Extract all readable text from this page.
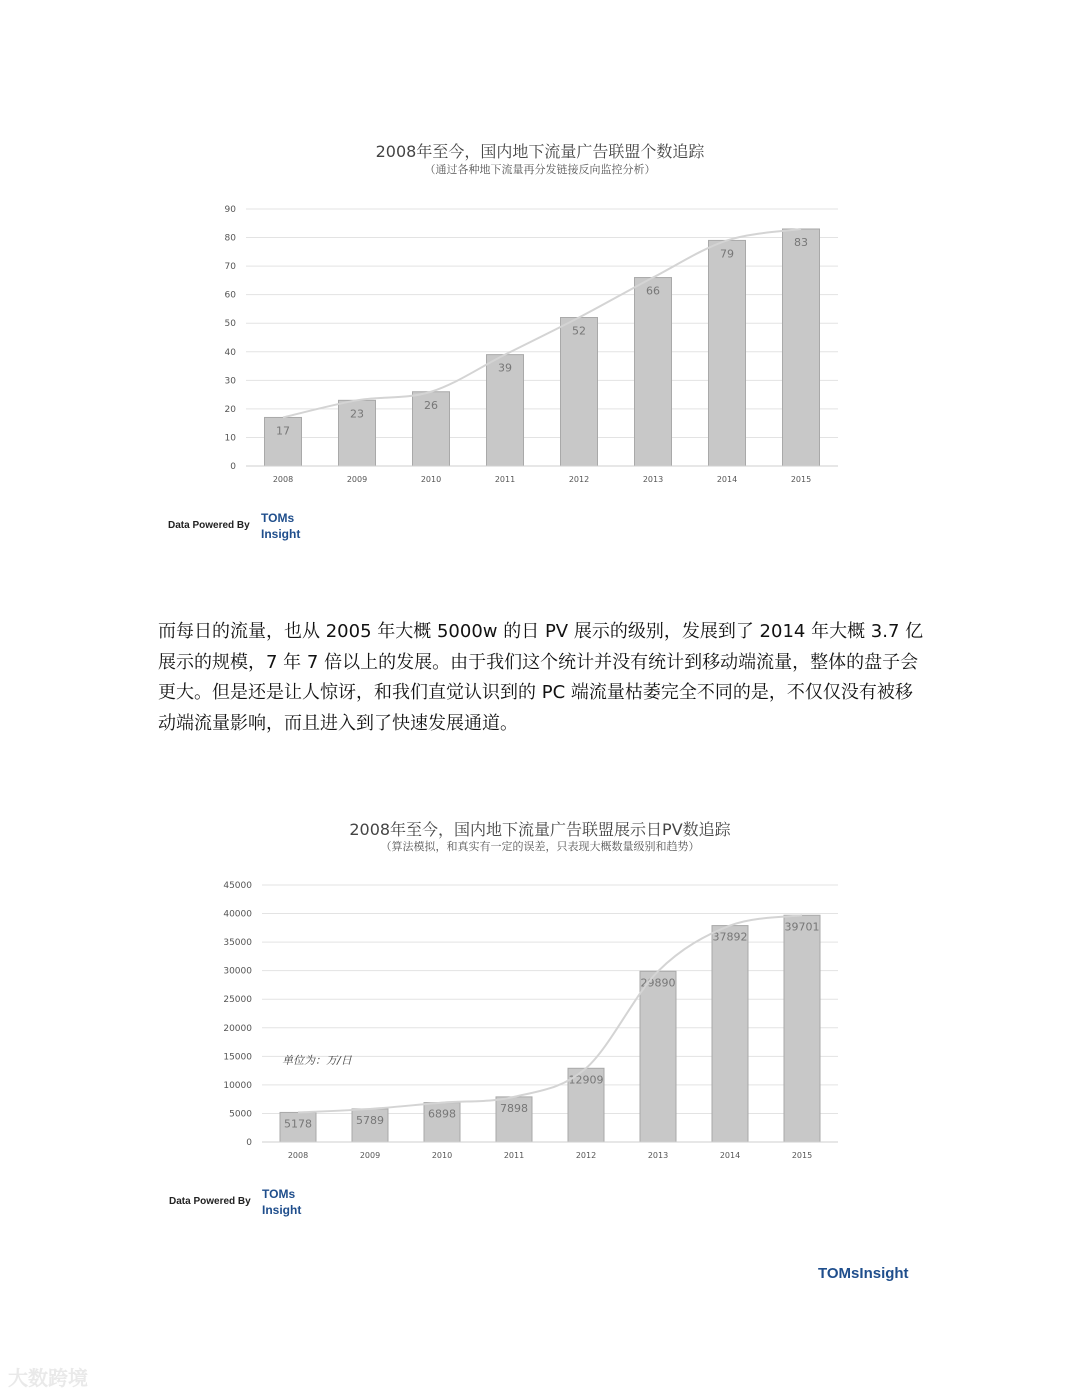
2008年至今，国内地下流量广告联盟个数追踪
（通过各种地下流量再分发链接反向监控分析）
0
10
20
30
40
50
60
70
80
90
17
2008
23
2009
26
2010
39
2011
52
2012
66
2013
79
2014
83
2015
Data Powered By
TOMs
Insight

而每日的流量，也从 2005 年大概 5000w 的日 PV 展示的级别，发展到了 2014 年大概 3.7 亿展示的规模，7 年 7 倍以上的发展。由于我们这个统计并没有统计到移动端流量，整体的盘子会更大。但是还是让人惊讶，和我们直觉认识到的 PC 端流量枯萎完全不同的是，不仅仅没有被移动端流量影响，而且进入到了快速发展通道。

2008年至今，国内地下流量广告联盟展示日PV数追踪
（算法模拟，和真实有一定的误差，只表现大概数量级别和趋势）
0
5000
10000
15000
20000
25000
30000
35000
40000
45000
5178
2008
5789
2009
6898
2010
7898
2011
12909
2012
29890
2013
37892
2014
39701
2015
单位为：万/日
Data Powered By
TOMs
Insight
TOMsInsight
大数跨境
